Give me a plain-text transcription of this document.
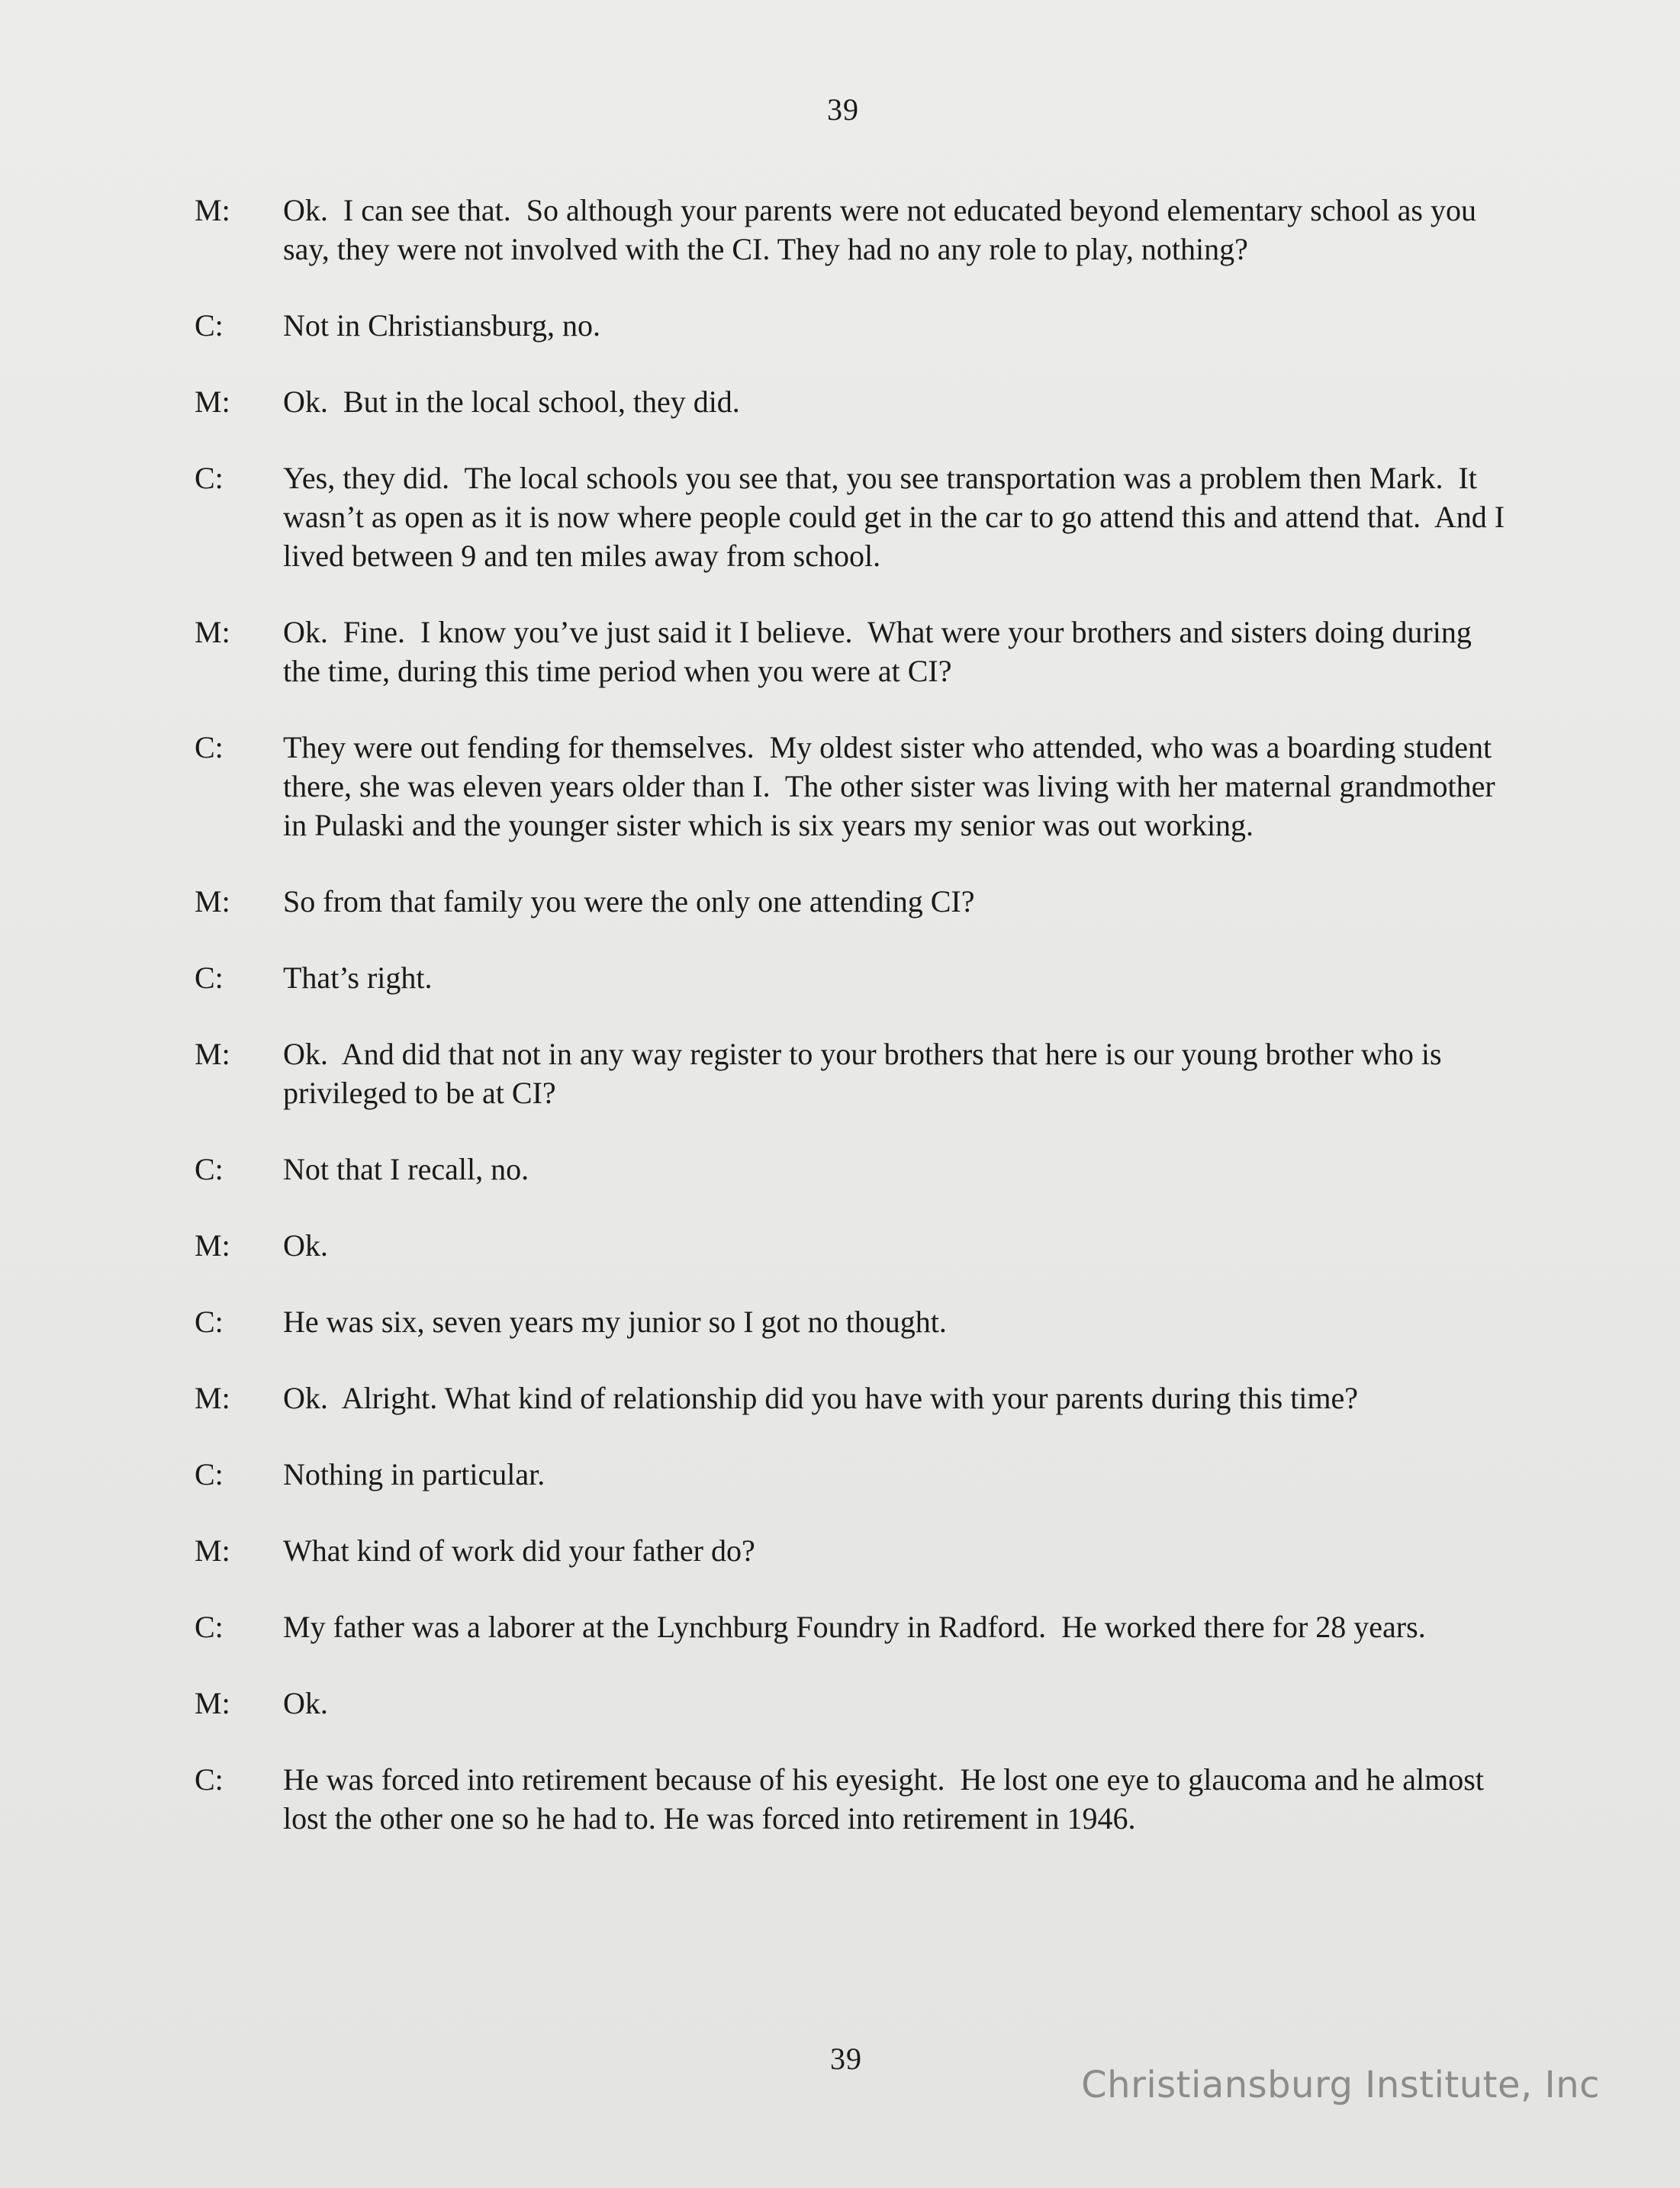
39
M:	Ok.  I can see that.  So although your parents were not educated beyond elementary school as you say, they were not involved with the CI. They had no any role to play, nothing?
C:	Not in Christiansburg, no.
M:	Ok.  But in the local school, they did.
C:	Yes, they did.  The local schools you see that, you see transportation was a problem then Mark.  It wasn’t as open as it is now where people could get in the car to go attend this and attend that.  And I lived between 9 and ten miles away from school.
M:	Ok.  Fine.  I know you’ve just said it I believe.  What were your brothers and sisters doing during the time, during this time period when you were at CI?
C:	They were out fending for themselves.  My oldest sister who attended, who was a boarding student there, she was eleven years older than I.  The other sister was living with her maternal grandmother in Pulaski and the younger sister which is six years my senior was out working.
M:	So from that family you were the only one attending CI?
C:	That’s right.
M:	Ok.  And did that not in any way register to your brothers that here is our young brother who is privileged to be at CI?
C:	Not that I recall, no.
M:	Ok.
C:	He was six, seven years my junior so I got no thought.
M:	Ok.  Alright. What kind of relationship did you have with your parents during this time?
C:	Nothing in particular.
M:	What kind of work did your father do?
C:	My father was a laborer at the Lynchburg Foundry in Radford.  He worked there for 28 years.
M:	Ok.
C:	He was forced into retirement because of his eyesight.  He lost one eye to glaucoma and he almost lost the other one so he had to. He was forced into retirement in 1946.
39
Christiansburg Institute, Inc
